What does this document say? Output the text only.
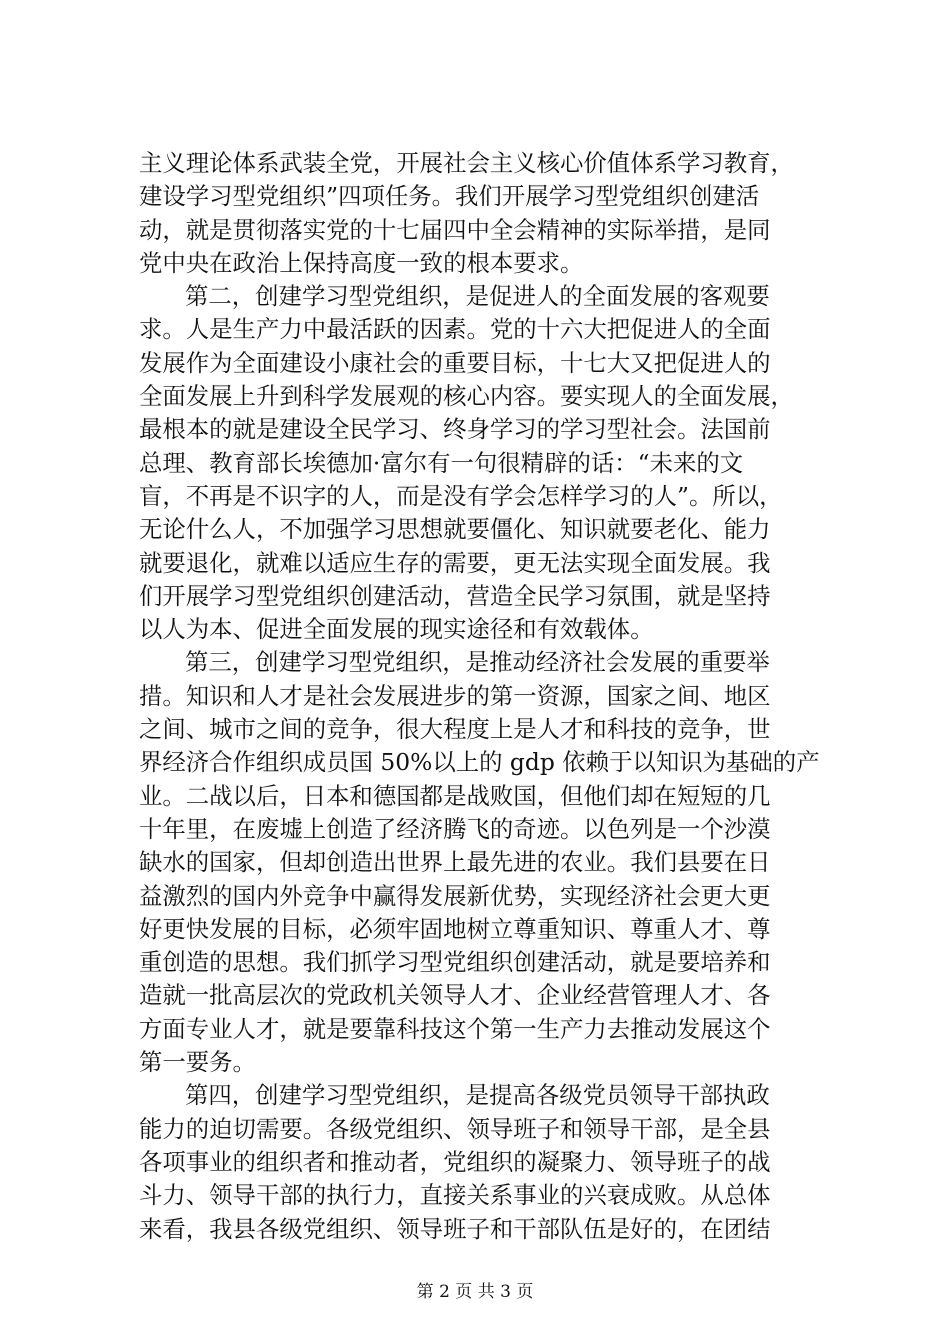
主义理论体系武装全党，开展社会主义核心价值体系学习教育，
建设学习型党组织”四项任务。我们开展学习型党组织创建活
动，就是贯彻落实党的十七届四中全会精神的实际举措，是同
党中央在政治上保持高度一致的根本要求。
第二，创建学习型党组织，是促进人的全面发展的客观要
求。人是生产力中最活跃的因素。党的十六大把促进人的全面
发展作为全面建设小康社会的重要目标，十七大又把促进人的
全面发展上升到科学发展观的核心内容。要实现人的全面发展，
最根本的就是建设全民学习、终身学习的学习型社会。法国前
总理、教育部长埃德加·富尔有一句很精辟的话：“未来的文
盲，不再是不识字的人，而是没有学会怎样学习的人”。所以，
无论什么人，不加强学习思想就要僵化、知识就要老化、能力
就要退化，就难以适应生存的需要，更无法实现全面发展。我
们开展学习型党组织创建活动，营造全民学习氛围，就是坚持
以人为本、促进全面发展的现实途径和有效载体。
第三，创建学习型党组织，是推动经济社会发展的重要举
措。知识和人才是社会发展进步的第一资源，国家之间、地区
之间、城市之间的竞争，很大程度上是人才和科技的竞争，世
界经济合作组织成员国 50%以上的 gdp 依赖于以知识为基础的产
业。二战以后，日本和德国都是战败国，但他们却在短短的几
十年里，在废墟上创造了经济腾飞的奇迹。以色列是一个沙漠
缺水的国家，但却创造出世界上最先进的农业。我们县要在日
益激烈的国内外竞争中赢得发展新优势，实现经济社会更大更
好更快发展的目标，必须牢固地树立尊重知识、尊重人才、尊
重创造的思想。我们抓学习型党组织创建活动，就是要培养和
造就一批高层次的党政机关领导人才、企业经营管理人才、各
方面专业人才，就是要靠科技这个第一生产力去推动发展这个
第一要务。
第四，创建学习型党组织，是提高各级党员领导干部执政
能力的迫切需要。各级党组织、领导班子和领导干部，是全县
各项事业的组织者和推动者，党组织的凝聚力、领导班子的战
斗力、领导干部的执行力，直接关系事业的兴衰成败。从总体
来看，我县各级党组织、领导班子和干部队伍是好的，在团结
第 2 页 共 3 页
